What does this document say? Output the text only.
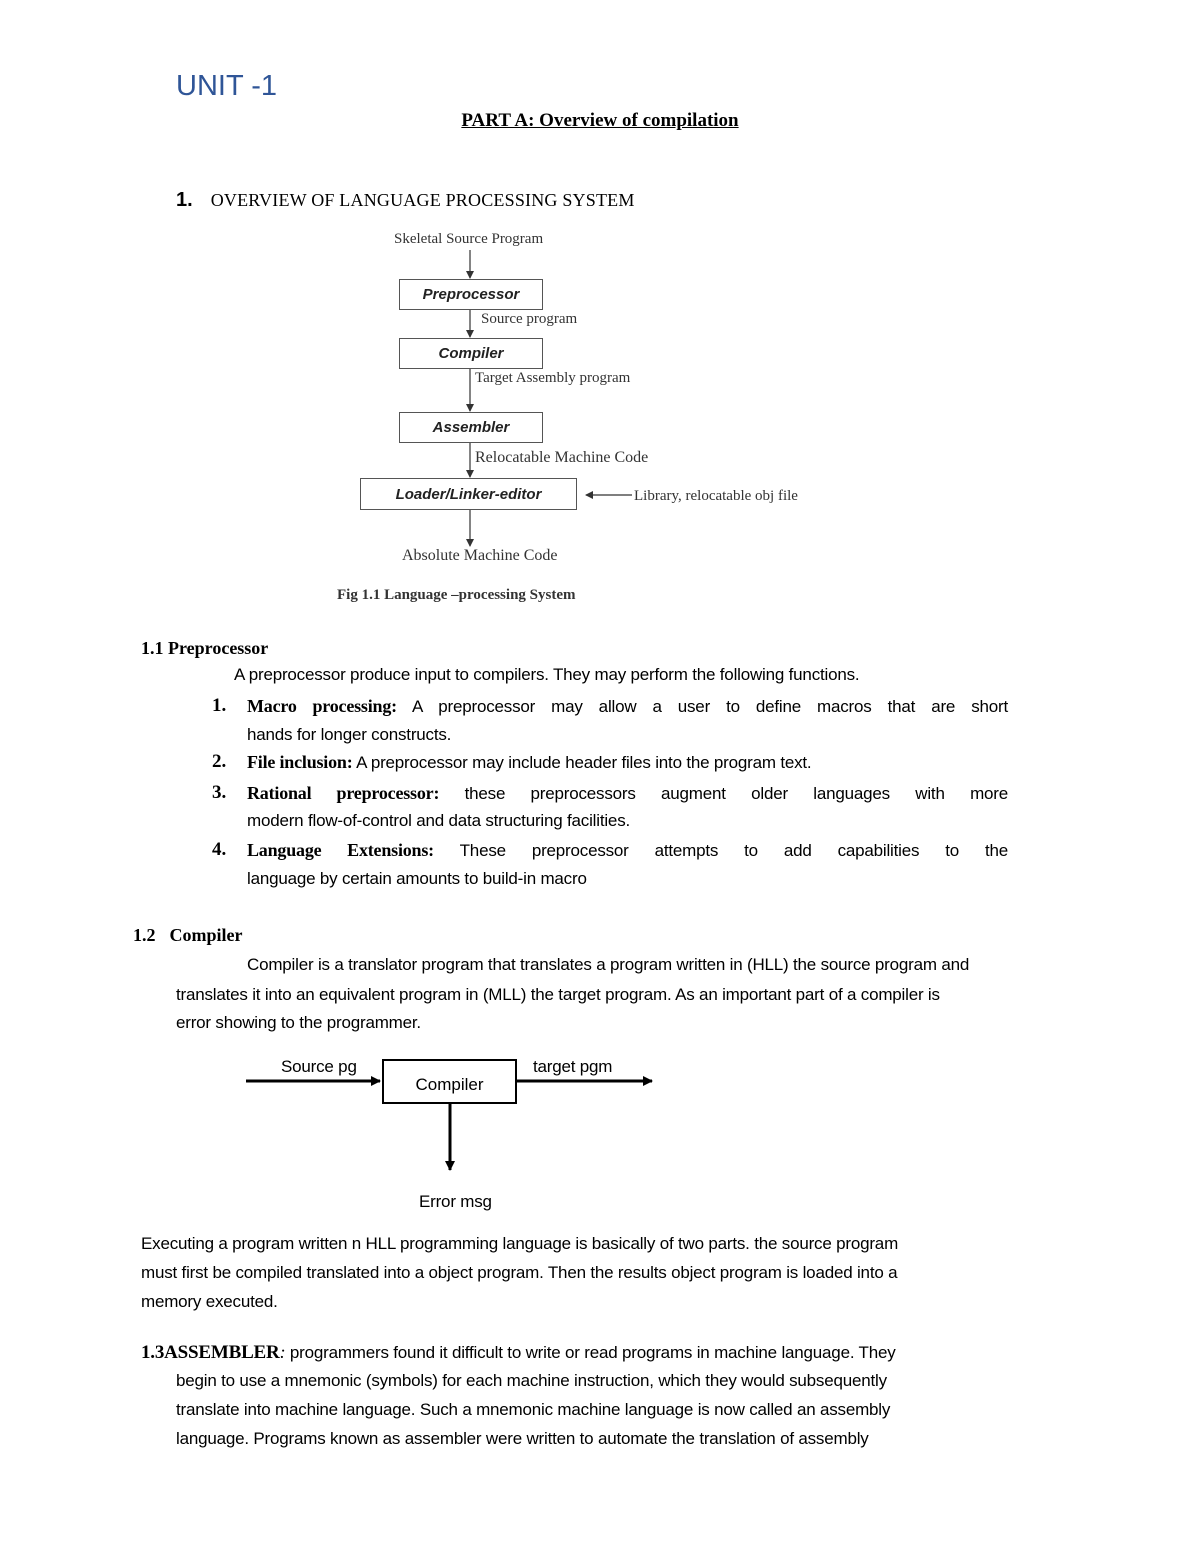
UNIT -1
PART A: Overview of compilation
1. OVERVIEW OF LANGUAGE PROCESSING SYSTEM
Skeletal Source Program
Preprocessor
Source program
Compiler
Target Assembly program
Assembler
Relocatable Machine Code
Loader/Linker-editor	Library, relocatable obj file
Absolute Machine Code
Fig 1.1 Language –processing System
1.1 Preprocessor
A preprocessor produce input to compilers. They may perform the following functions.
1. Macro processing: A preprocessor may allow a user to define macros that are short
hands for longer constructs.
2. File inclusion: A preprocessor may include header files into the program text.
3. Rational preprocessor: these preprocessors augment older languages with more
modern flow-of-control and data structuring facilities.
4. Language Extensions: These preprocessor attempts to add capabilities to the
language by certain amounts to build-in macro
1.2 Compiler
Compiler is a translator program that translates a program written in (HLL) the source program and
translates it into an equivalent program in (MLL) the target program. As an important part of a compiler is
error showing to the programmer.
Source pg
Compiler
target pgm
Error msg
Executing a program written n HLL programming language is basically of two parts. the source program
must first be compiled translated into a object program. Then the results object program is loaded into a
memory executed.
1.3ASSEMBLER: programmers found it difficult to write or read programs in machine language. They
begin to use a mnemonic (symbols) for each machine instruction, which they would subsequently
translate into machine language. Such a mnemonic machine language is now called an assembly
language. Programs known as assembler were written to automate the translation of assembly
